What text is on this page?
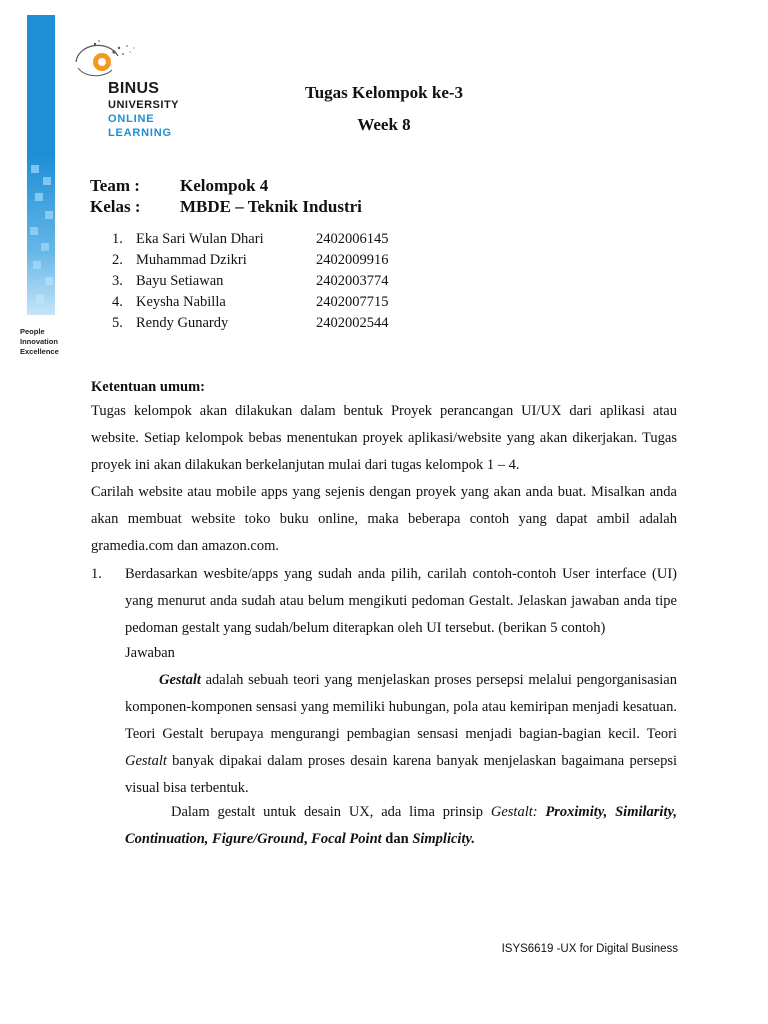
People
Innovation
Excellence
BINUS
UNIVERSITY
ONLINE
LEARNING
Tugas Kelompok ke-3
Week 8
Team : Kelompok 4
Kelas : MBDE – Teknik Industri
1. Eka Sari Wulan Dhari	2402006145
2. Muhammad Dzikri	2402009916
3. Bayu Setiawan	2402003774
4. Keysha Nabilla	2402007715
5. Rendy Gunardy	2402002544
Ketentuan umum:
Tugas kelompok akan dilakukan dalam bentuk Proyek perancangan UI/UX dari aplikasi atau website. Setiap kelompok bebas menentukan proyek aplikasi/website yang akan dikerjakan. Tugas proyek ini akan dilakukan berkelanjutan mulai dari tugas kelompok 1 – 4.
Carilah website atau mobile apps yang sejenis dengan proyek yang akan anda buat. Misalkan anda akan membuat website toko buku online, maka beberapa contoh yang dapat ambil adalah gramedia.com dan amazon.com.
1. Berdasarkan wesbite/apps yang sudah anda pilih, carilah contoh-contoh User interface (UI) yang menurut anda sudah atau belum mengikuti pedoman Gestalt. Jelaskan jawaban anda tipe pedoman gestalt yang sudah/belum diterapkan oleh UI tersebut. (berikan 5 contoh)
Jawaban
Gestalt adalah sebuah teori yang menjelaskan proses persepsi melalui pengorganisasian komponen-komponen sensasi yang memiliki hubungan, pola atau kemiripan menjadi kesatuan. Teori Gestalt berupaya mengurangi pembagian sensasi menjadi bagian-bagian kecil. Teori Gestalt banyak dipakai dalam proses desain karena banyak menjelaskan bagaimana persepsi visual bisa terbentuk.
Dalam gestalt untuk desain UX, ada lima prinsip Gestalt: Proximity, Similarity, Continuation, Figure/Ground, Focal Point dan Simplicity.
ISYS6619 -UX for Digital Business
